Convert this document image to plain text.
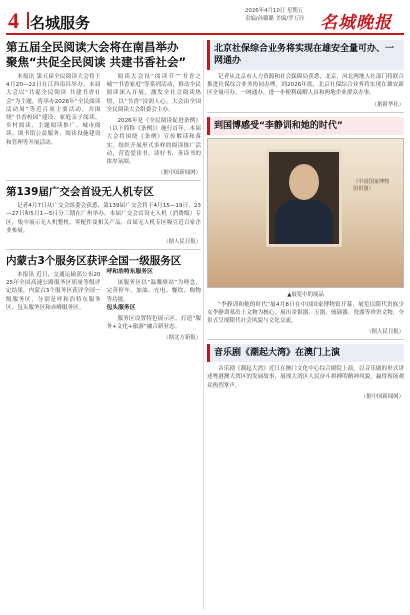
4 名城服务
2026年4月10日 星期五
责编/孙璐璐 美编/罗万玲 名城晚报
第五届全民阅读大会将在南昌举办
聚焦“共促全民阅读 共建书香社会”

本报讯 第五届全民阅读大会将于4月20—22日在江西南昌举办。本届大会以“共促全民阅读 共建书香社会”为主题，将举办2026年“全民阅读活动周”等近百项主要活动，并围绕“书香校园”建设、家庭亲子阅读、乡村阅读、主题阅读推广、城市阅读、图书馆公益服务、阅读设施建设和管理等开展活动。

阅读大会设“阅读节”“书香之城”“书香家庭”等系列活动，推动全民阅读深入开展，激发全社会阅读热情，以“书香”浸润人心。大会由全国全民阅读大会组委会主办。

2026年是《全民阅读促进条例》（以下简称《条例》）施行首年。本届大会将围绕《条例》宣传解读和落实，组织开展形式多样的阅读推广活动，营造爱读书、读好书、善读书的浓厚氛围。

（据中国新闻网）
第139届广交会首设无人机专区

记者4月7日从广交会组委会获悉，第139届广交会将于4月15—19日、23—27日和5月1—5日分三期在广州举办。本届广交会首设无人机（消费级）专区，集中展示无人机整机、零配件及相关产品，首届无人机专区吸引近百家企业参展。

（据人民日报）
内蒙古3个服务区获评全国一级服务区

本报讯 近日，交通运输部公布2025年全国高速公路服务区质量等级评定结果，内蒙古3个服务区获评全国一级服务区，分别是呼和浩特东服务区、包头服务区和赤峰服务区。

呼和浩特东服务区

该服务区以“温馨驿站”为理念，完善停车、加油、充电、餐饮、购物等功能。

包头服务区

服务区设置特色展示区，打造“服务+文化+旅游”融合新业态。

（据北方新报）
北京社保综合业务将实现在雄安全量可办、一网通办

记者从北京市人力资源和社会保障局获悉，北京、河北两地人社部门将联合推进社保综合业务协同办理，到2026年底，北京社保综合业务将实现在雄安新区全量可办、一网通办，进一步便利疏解人员和两地企业群众办事。

（据新华社）
到国博感受“李静训和她的时代”
（中国国家博物馆供图）
▲展览中的展品

“李静训和她的时代”展4月8日在中国国家博物馆开幕，展览以隋代贵族少女李静训墓出土文物为核心，展出金银器、玉器、琉璃器、瓷器等珍贵文物，全景式呈现隋代社会风貌与文化交流。

（据人民日报）
音乐剧《潮起大湾》在澳门上演

音乐剧《潮起大湾》近日在澳门文化中心综合剧院上演，以音乐剧的形式讲述粤港澳大湾区的发展故事，展现大湾区人民奋斗拼搏的精神风貌，赢得现场观众热烈掌声。

（据中国新闻网）
